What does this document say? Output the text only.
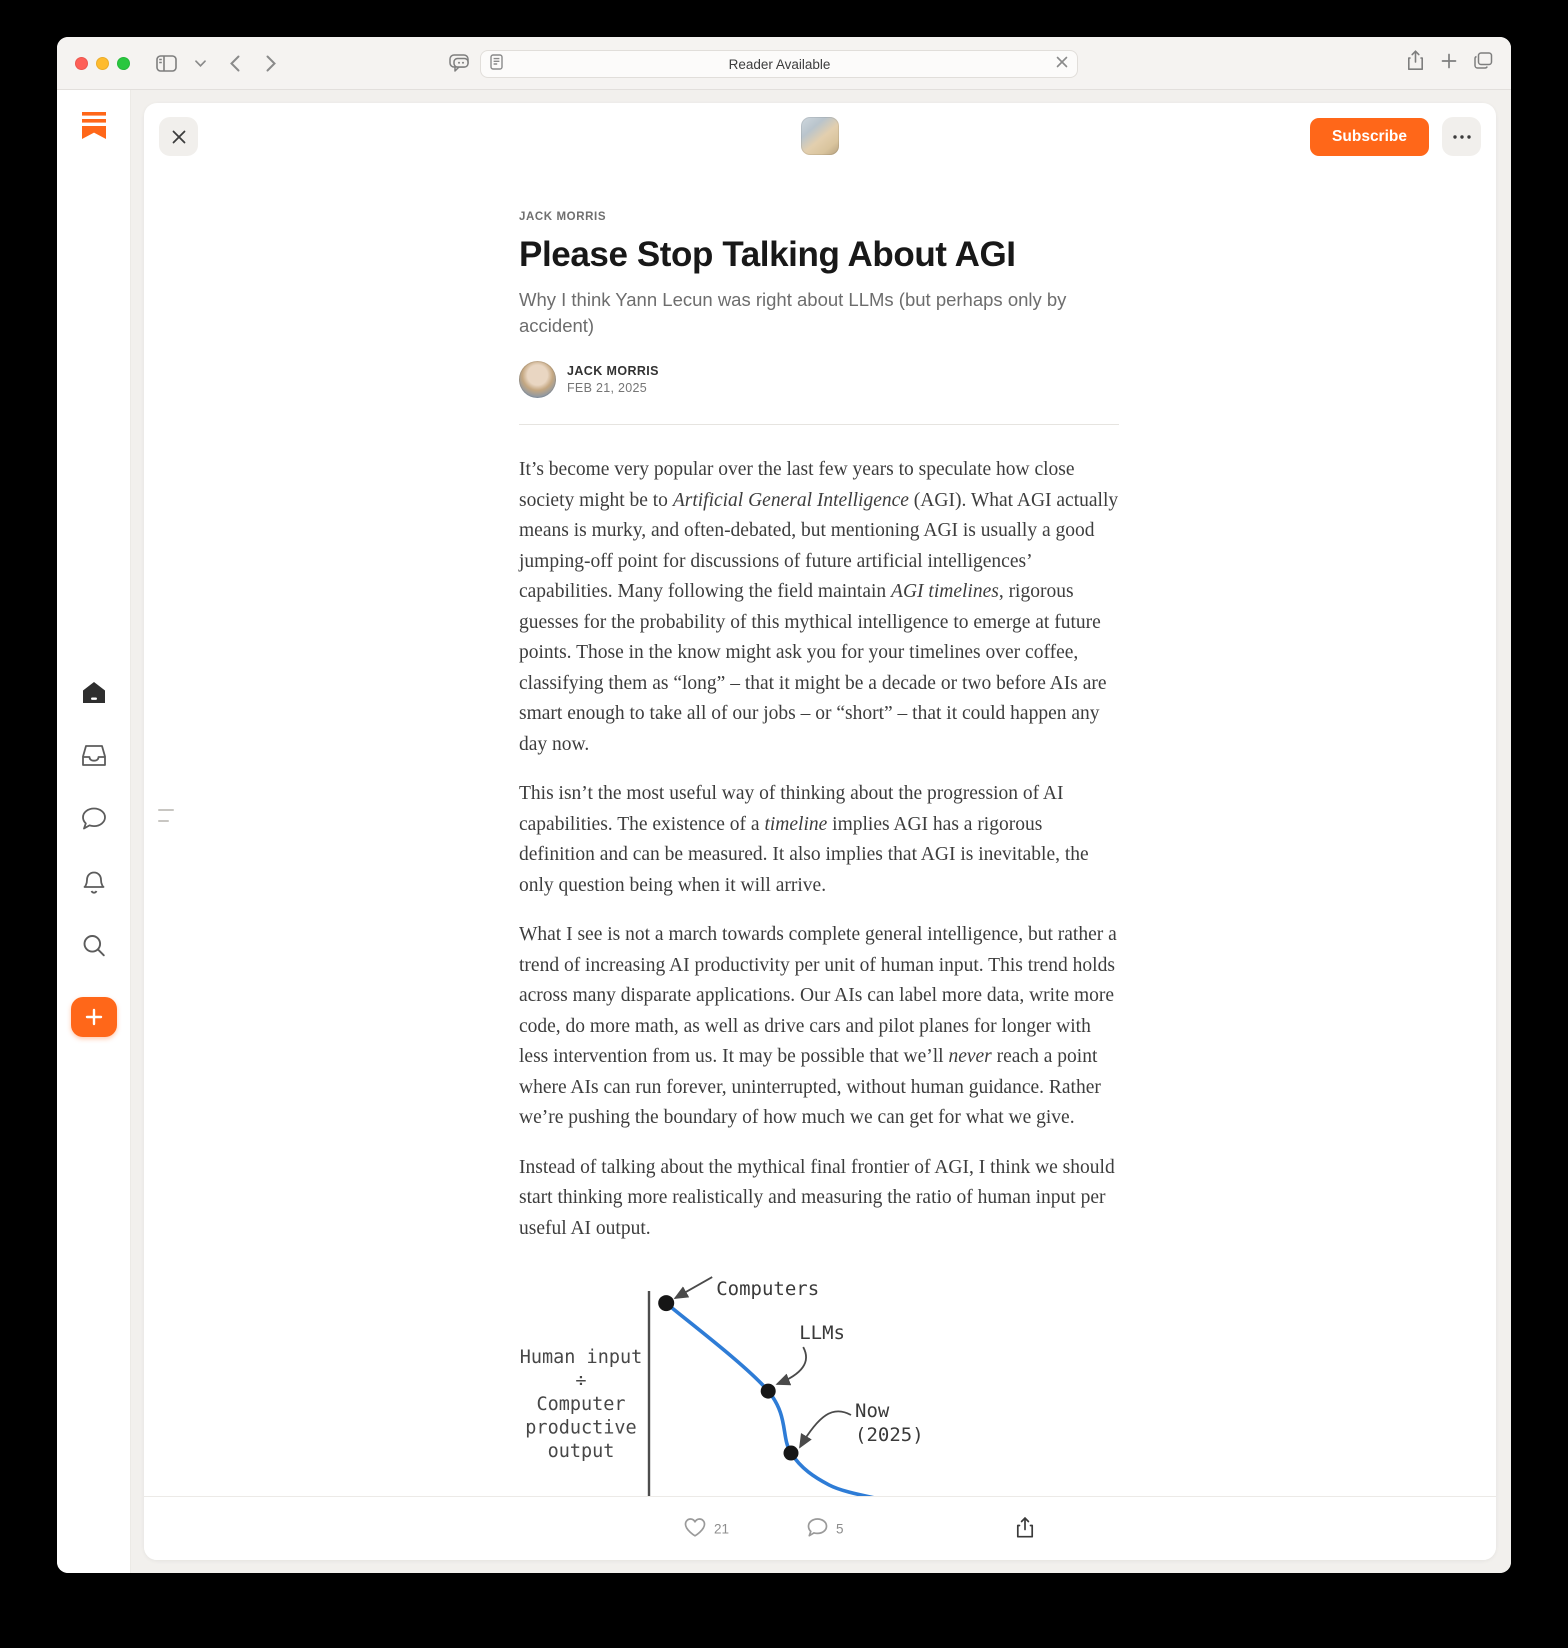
Reader Available
Subscribe
JACK MORRIS
Please Stop Talking About AGI
Why I think Yann Lecun was right about LLMs (but perhaps only by accident)
JACK MORRIS
FEB 21, 2025

It’s become very popular over the last few years to speculate how close society might be to Artificial General Intelligence (AGI). What AGI actually means is murky, and often-debated, but mentioning AGI is usually a good jumping-off point for discussions of future artificial intelligences’ capabilities. Many following the field maintain AGI timelines, rigorous guesses for the probability of this mythical intelligence to emerge at future points. Those in the know might ask you for your timelines over coffee, classifying them as “long” – that it might be a decade or two before AIs are smart enough to take all of our jobs – or “short” – that it could happen any day now.

This isn’t the most useful way of thinking about the progression of AI capabilities. The existence of a timeline implies AGI has a rigorous definition and can be measured. It also implies that AGI is inevitable, the only question being when it will arrive.

What I see is not a march towards complete general intelligence, but rather a trend of increasing AI productivity per unit of human input. This trend holds across many disparate applications. Our AIs can label more data, write more code, do more math, as well as drive cars and pilot planes for longer with less intervention from us. It may be possible that we’ll never reach a point where AIs can run forever, uninterrupted, without human guidance. Rather we’re pushing the boundary of how much we can get for what we give.

Instead of talking about the mythical final frontier of AGI, I think we should start thinking more realistically and measuring the ratio of human input per useful AI output.

Human input
÷
Computer
productive
output
Computers
LLMs
Now
(2025)
21	5
